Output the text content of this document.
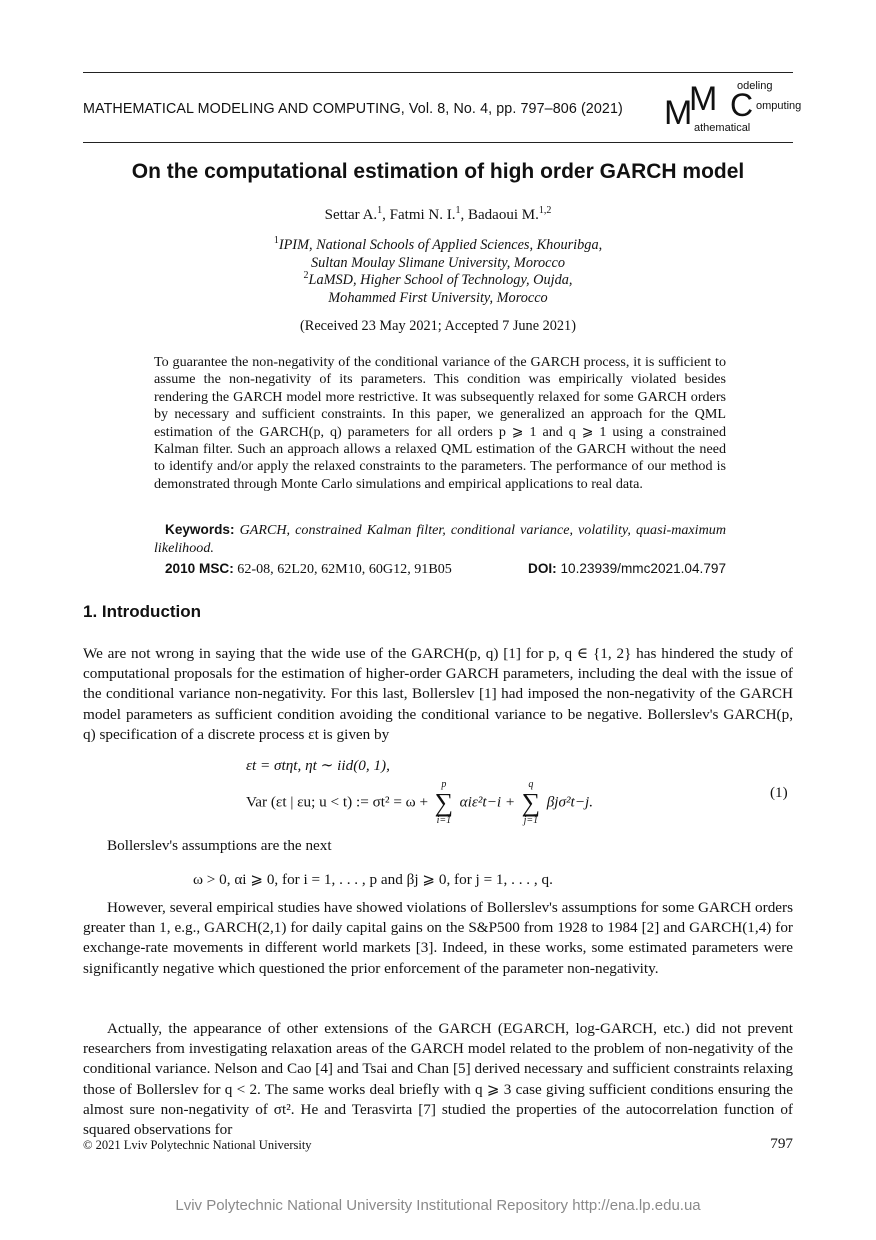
MATHEMATICAL MODELING AND COMPUTING, Vol. 8, No. 4, pp. 797–806 (2021) M
M C
odeling
omputing
athematical
On the computational estimation of high order GARCH model
Settar A.$^1$, Fatmi N. I.$^1$, Badaoui M.$^{1,2}$
$^1$IPIM, National Schools of Applied Sciences, Khouribga,
Sultan Moulay Slimane University, Morocco
$^2$LaMSD, Higher School of Technology, Oujda,
Mohammed First University, Morocco
(Received 23 May 2021; Accepted 7 June 2021)
To guarantee the non-negativity of the conditional variance of the GARCH process, it is sufficient to assume the non-negativity of its parameters. This condition was empirically violated besides rendering the GARCH model more restrictive. It was subsequently relaxed for some GARCH orders by necessary and sufficient constraints. In this paper, we generalized an approach for the QML estimation of the GARCH(p, q) parameters for all orders p ⩾ 1 and q ⩾ 1 using a constrained Kalman filter. Such an approach allows a relaxed QML estimation of the GARCH without the need to identify and/or apply the relaxed constraints to the parameters. The performance of our method is demonstrated through Monte Carlo simulations and empirical applications to real data.
Keywords: GARCH, constrained Kalman filter, conditional variance, volatility, quasi-maximum likelihood.
2010 MSC: 62-08, 62L20, 62M10, 60G12, 91B05	DOI: 10.23939/mmc2021.04.797
1. Introduction
We are not wrong in saying that the wide use of the GARCH(p, q) [1] for p, q ∈ {1, 2} has hindered the study of computational proposals for the estimation of higher-order GARCH parameters, including the deal with the issue of the conditional variance non-negativity. For this last, Bollerslev [1] had imposed the non-negativity of the GARCH model parameters as sufficient condition avoiding the conditional variance to be negative. Bollerslev's GARCH(p, q) specification of a discrete process εt is given by
εt = σtηt, ηt ∼ iid(0, 1),
Var (εt | εu; u < t) := σt² = ω +
p
∑
i=1
αiε²t−i +
q
∑
j=1
βjσ²t−j.
(1)
Bollerslev's assumptions are the next
ω > 0, αi ⩾ 0, for i = 1, . . . , p and βj ⩾ 0, for j = 1, . . . , q.
However, several empirical studies have showed violations of Bollerslev's assumptions for some GARCH orders greater than 1, e.g., GARCH(2,1) for daily capital gains on the S&P500 from 1928 to 1984 [2] and GARCH(1,4) for exchange-rate movements in different world markets [3]. Indeed, in these works, some estimated parameters were significantly negative which questioned the prior enforcement of the parameter non-negativity.
Actually, the appearance of other extensions of the GARCH (EGARCH, log-GARCH, etc.) did not prevent researchers from investigating relaxation areas of the GARCH model related to the problem of non-negativity of the conditional variance. Nelson and Cao [4] and Tsai and Chan [5] derived necessary and sufficient constraints relaxing those of Bollerslev for q < 2. The same works deal briefly with q ⩾ 3 case giving sufficient conditions ensuring the almost sure non-negativity of σt². He and Terasvirta [7] studied the properties of the autocorrelation function of squared observations for
© 2021 Lviv Polytechnic National University	797
Lviv Polytechnic National University Institutional Repository http://ena.lp.edu.ua
